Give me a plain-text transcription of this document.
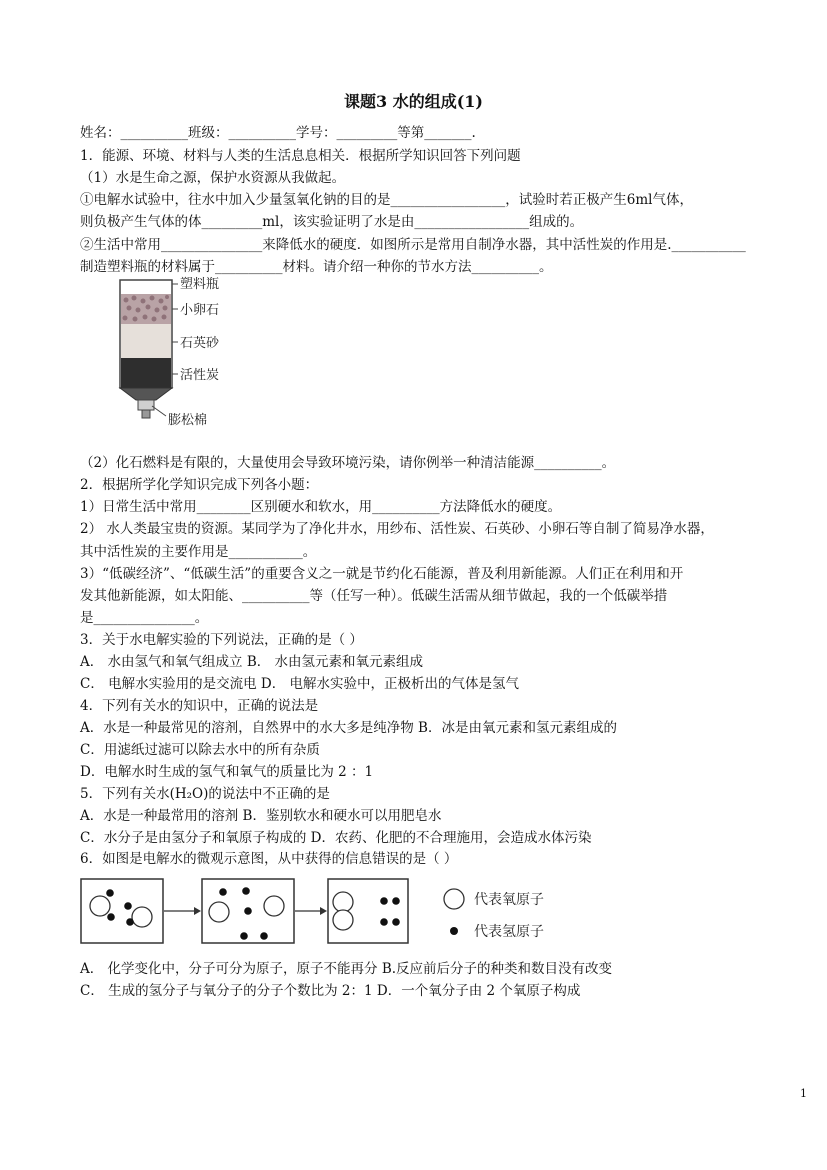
课题3 水的组成(1)
姓名：__________班级：__________学号：_________等第_______.
1．能源、环境、材料与人类的生活息息相关．根据所学知识回答下列问题
（1）水是生命之源，保护水资源从我做起。
①电解水试验中，往水中加入少量氢氧化钠的目的是_________________，试验时若正极产生6ml气体，
则负极产生气体的体_________ml，该实验证明了水是由_________________组成的。
②生活中常用_______________来降低水的硬度．如图所示是常用自制净水器，其中活性炭的作用是.___________
制造塑料瓶的材料属于__________材料。请介绍一种你的节水方法__________。
（2）化石燃料是有限的，大量使用会导致环境污染，请你例举一种清洁能源__________。
2．根据所学化学知识完成下列各小题：
1）日常生活中常用________区别硬水和软水，用__________方法降低水的硬度。
2） 水人类最宝贵的资源。某同学为了净化井水，用纱布、活性炭、石英砂、小卵石等自制了简易净水器，
其中活性炭的主要作用是___________。
3）“低碳经济”、“低碳生活”的重要含义之一就是节约化石能源，普及利用新能源。人们正在利用和开
发其他新能源，如太阳能、__________等（任写一种）。低碳生活需从细节做起，我的一个低碳举措
是_______________。
3．关于水电解实验的下列说法，正确的是（ ）
A． 水由氢气和氧气组成立 B． 水由氢元素和氧元素组成
C． 电解水实验用的是交流电 D． 电解水实验中，正极析出的气体是氢气
4．下列有关水的知识中，正确的说法是
A．水是一种最常见的溶剂，自然界中的水大多是纯净物 B．冰是由氧元素和氢元素组成的
C．用滤纸过滤可以除去水中的所有杂质
D．电解水时生成的氢气和氧气的质量比为 2 ：1
5．下列有关水(H₂O)的说法中不正确的是
A．水是一种最常用的溶剂 B．鉴别软水和硬水可以用肥皂水
C．水分子是由氢分子和氧原子构成的 D．农药、化肥的不合理施用，会造成水体污染
6．如图是电解水的微观示意图，从中获得的信息错误的是（ ）
A． 化学变化中，分子可分为原子，原子不能再分 B.反应前后分子的种类和数目没有改变
C． 生成的氢分子与氧分子的分子个数比为 2：1 D．一个氧分子由 2 个氧原子构成
塑料瓶
小卵石
石英砂
活性炭
膨松棉
代表氧原子
代表氢原子
1
